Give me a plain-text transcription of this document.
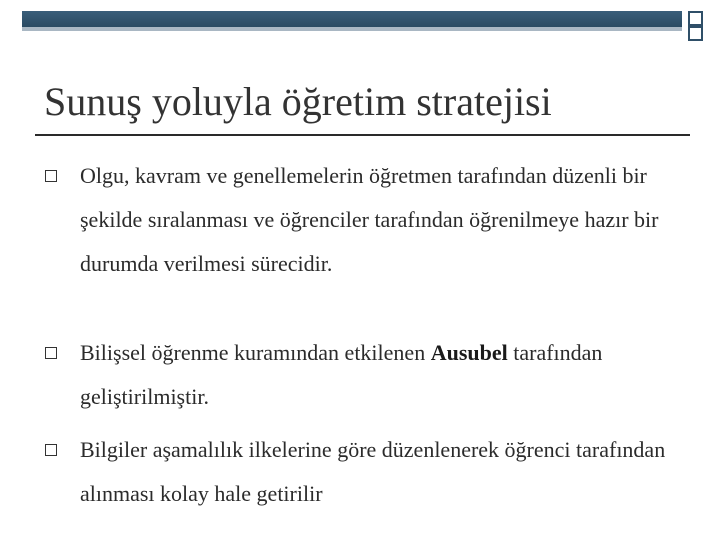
Sunuş yoluyla öğretim stratejisi
Olgu, kavram ve genellemelerin öğretmen tarafından düzenli bir şekilde sıralanması ve öğrenciler tarafından öğrenilmeye hazır bir durumda verilmesi sürecidir.
Bilişsel öğrenme kuramından etkilenen Ausubel tarafından geliştirilmiştir.
Bilgiler aşamalılık ilkelerine göre düzenlenerek öğrenci tarafından alınması kolay hale getirilir
